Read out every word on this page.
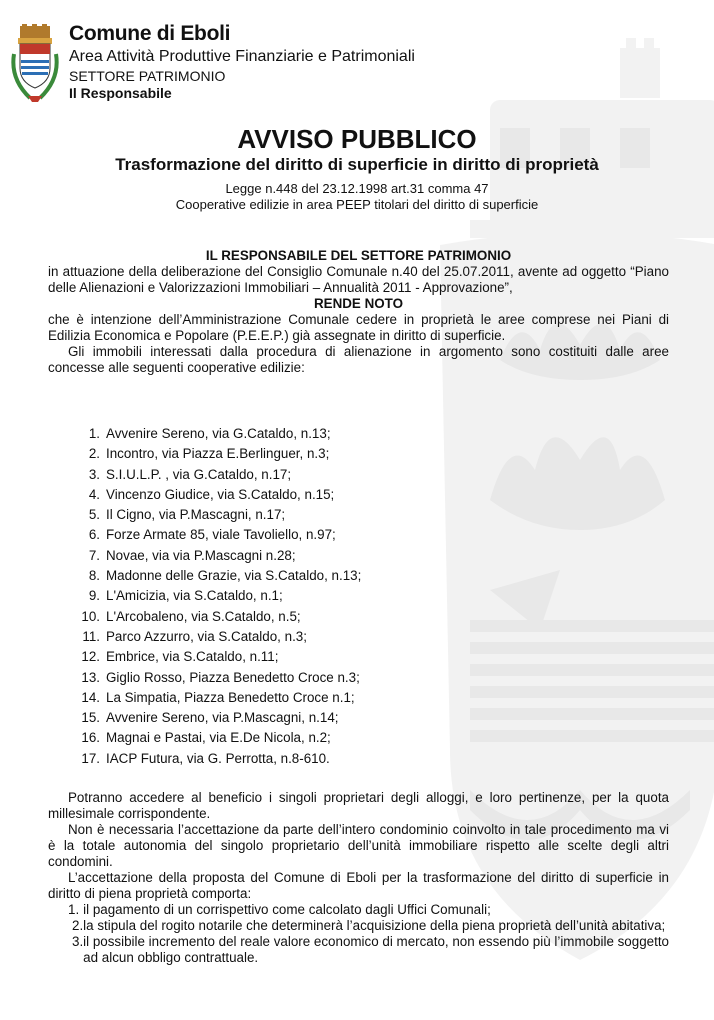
Comune di Eboli
Area Attività Produttive Finanziarie e Patrimoniali
SETTORE PATRIMONIO
Il Responsabile
AVVISO PUBBLICO
Trasformazione del diritto di superficie in diritto di proprietà
Legge n.448 del 23.12.1998 art.31 comma 47
Cooperative edilizie in area PEEP titolari del diritto di superficie
IL RESPONSABILE DEL SETTORE PATRIMONIO
in attuazione della deliberazione del Consiglio Comunale n.40 del 25.07.2011, avente ad oggetto “Piano delle Alienazioni e Valorizzazioni Immobiliari – Annualità 2011 - Approvazione”,
RENDE NOTO
che è intenzione dell’Amministrazione Comunale cedere in proprietà le aree comprese nei Piani di Edilizia Economica e Popolare (P.E.E.P.) già assegnate in diritto di superficie.
Gli immobili interessati dalla procedura di alienazione in argomento sono costituiti dalle aree concesse alle seguenti cooperative edilizie:
1. Avvenire Sereno, via G.Cataldo, n.13;
2. Incontro, via Piazza E.Berlinguer, n.3;
3. S.I.U.L.P. , via G.Cataldo, n.17;
4. Vincenzo Giudice, via S.Cataldo, n.15;
5. Il Cigno, via P.Mascagni, n.17;
6. Forze Armate 85, viale Tavoliello, n.97;
7. Novae, via via P.Mascagni n.28;
8. Madonne delle Grazie, via S.Cataldo, n.13;
9. L'Amicizia, via S.Cataldo, n.1;
10. L'Arcobaleno, via S.Cataldo, n.5;
11. Parco Azzurro, via S.Cataldo, n.3;
12. Embrice, via S.Cataldo, n.11;
13. Giglio Rosso, Piazza Benedetto Croce n.3;
14. La Simpatia, Piazza Benedetto Croce n.1;
15. Avvenire Sereno, via P.Mascagni, n.14;
16. Magnai e Pastai, via E.De Nicola, n.2;
17. IACP Futura, via G. Perrotta, n.8-610.
Potranno accedere al beneficio i singoli proprietari degli alloggi, e loro pertinenze, per la quota millesimale corrispondente.
Non è necessaria l’accettazione da parte dell’intero condominio coinvolto in tale procedimento ma vi è la totale autonomia del singolo proprietario dell’unità immobiliare rispetto alle scelte degli altri condomini.
L’accettazione della proposta del Comune di Eboli per la trasformazione del diritto di superficie in diritto di piena proprietà comporta:
1. il pagamento di un corrispettivo come calcolato dagli Uffici Comunali;
2. la stipula del rogito notarile che determinerà l’acquisizione della piena proprietà dell’unità abitativa;
3. il possibile incremento del reale valore economico di mercato, non essendo più l’immobile soggetto ad alcun obbligo contrattuale.
